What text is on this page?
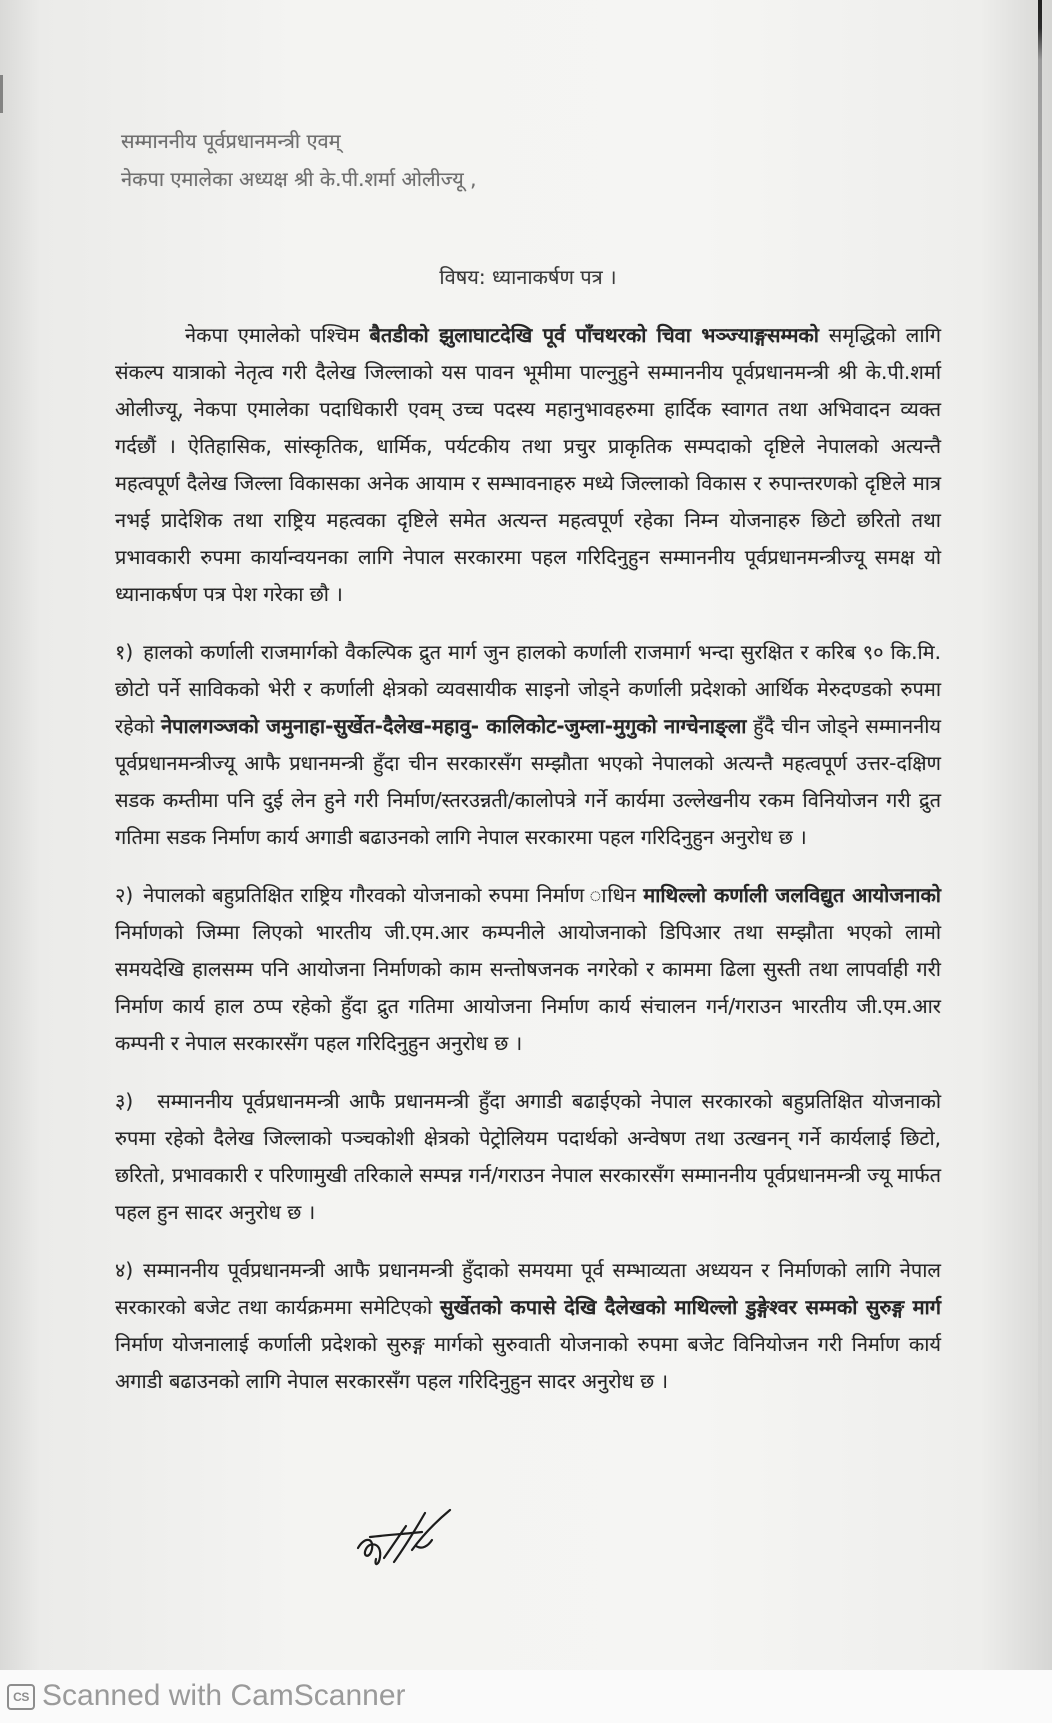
सम्माननीय पूर्वप्रधानमन्त्री एवम्

नेकपा एमालेका अध्यक्ष श्री के.पी.शर्मा ओलीज्यू ,

विषय: ध्यानाकर्षण पत्र ।

नेकपा एमालेको पश्चिम बैतडीको झुलाघाटदेखि पूर्व पाँचथरको चिवा भञ्ज्याङ्गसम्मको समृद्धिको लागि संकल्प यात्राको नेतृत्व गरी दैलेख जिल्लाको यस पावन भूमीमा पाल्नुहुने सम्माननीय पूर्वप्रधानमन्त्री श्री के.पी.शर्मा ओलीज्यू, नेकपा एमालेका पदाधिकारी एवम् उच्च पदस्य महानुभावहरुमा हार्दिक स्वागत तथा अभिवादन व्यक्त गर्दछौं । ऐतिहासिक, सांस्कृतिक, धार्मिक, पर्यटकीय तथा प्रचुर प्राकृतिक सम्पदाको दृष्टिले नेपालको अत्यन्तै महत्वपूर्ण दैलेख जिल्ला विकासका अनेक आयाम र सम्भावनाहरु मध्ये जिल्लाको विकास र रुपान्तरणको दृष्टिले मात्र नभई प्रादेशिक तथा राष्ट्रिय महत्वका दृष्टिले समेत अत्यन्त महत्वपूर्ण रहेका निम्न योजनाहरु छिटो छरितो तथा प्रभावकारी रुपमा कार्यान्वयनका लागि नेपाल सरकारमा पहल गरिदिनुहुन सम्माननीय पूर्वप्रधानमन्त्रीज्यू समक्ष यो ध्यानाकर्षण पत्र पेश गरेका छौ ।

१) हालको कर्णाली राजमार्गको वैकल्पिक द्रुत मार्ग जुन हालको कर्णाली राजमार्ग भन्दा सुरक्षित र करिब ९० कि.मि. छोटो पर्ने साविकको भेरी र कर्णाली क्षेत्रको व्यवसायीक साइनो जोड्ने कर्णाली प्रदेशको आर्थिक मेरुदण्डको रुपमा रहेको नेपालगञ्जको जमुनाहा-सुर्खेत-दैलेख-महावु- कालिकोट-जुम्ला-मुगुको नाग्चेनाङ्ला हुँदै चीन जोड्ने सम्माननीय पूर्वप्रधानमन्त्रीज्यू आफै प्रधानमन्त्री हुँदा चीन सरकारसँग सम्झौता भएको नेपालको अत्यन्तै महत्वपूर्ण उत्तर-दक्षिण सडक कम्तीमा पनि दुई लेन हुने गरी निर्माण/स्तरउन्नती/कालोपत्रे गर्ने कार्यमा उल्लेखनीय रकम विनियोजन गरी द्रुत गतिमा सडक निर्माण कार्य अगाडी बढाउनको लागि नेपाल सरकारमा पहल गरिदिनुहुन अनुरोध छ ।

२) नेपालको बहुप्रतिक्षित राष्ट्रिय गौरवको योजनाको रुपमा निर्माण ाधिन माथिल्लो कर्णाली जलविद्युत आयोजनाको निर्माणको जिम्मा लिएको भारतीय जी.एम.आर कम्पनीले आयोजनाको डिपिआर तथा सम्झौता भएको लामो समयदेखि हालसम्म पनि आयोजना निर्माणको काम सन्तोषजनक नगरेको र काममा ढिला सुस्ती तथा लापर्वाही गरी निर्माण कार्य हाल ठप्प रहेको हुँदा द्रुत गतिमा आयोजना निर्माण कार्य संचालन गर्न/गराउन भारतीय जी.एम.आर कम्पनी र नेपाल सरकारसँग पहल गरिदिनुहुन अनुरोध छ ।

३) सम्माननीय पूर्वप्रधानमन्त्री आफै प्रधानमन्त्री हुँदा अगाडी बढाईएको नेपाल सरकारको बहुप्रतिक्षित योजनाको रुपमा रहेको दैलेख जिल्लाको पञ्चकोशी क्षेत्रको पेट्रोलियम पदार्थको अन्वेषण तथा उत्खनन् गर्ने कार्यलाई छिटो, छरितो, प्रभावकारी र परिणामुखी तरिकाले सम्पन्न गर्न/गराउन नेपाल सरकारसँग सम्माननीय पूर्वप्रधानमन्त्री ज्यू मार्फत पहल हुन सादर अनुरोध छ ।

४) सम्माननीय पूर्वप्रधानमन्त्री आफै प्रधानमन्त्री हुँदाको समयमा पूर्व सम्भाव्यता अध्ययन र निर्माणको लागि नेपाल सरकारको बजेट तथा कार्यक्रममा समेटिएको सुर्खेतको कपासे देखि दैलेखको माथिल्लो डुङ्गेश्वर सम्मको सुरुङ्ग मार्ग निर्माण योजनालाई कर्णाली प्रदेशको सुरुङ्ग मार्गको सुरुवाती योजनाको रुपमा बजेट विनियोजन गरी निर्माण कार्य अगाडी बढाउनको लागि नेपाल सरकारसँग पहल गरिदिनुहुन सादर अनुरोध छ ।

CS Scanned with CamScanner
